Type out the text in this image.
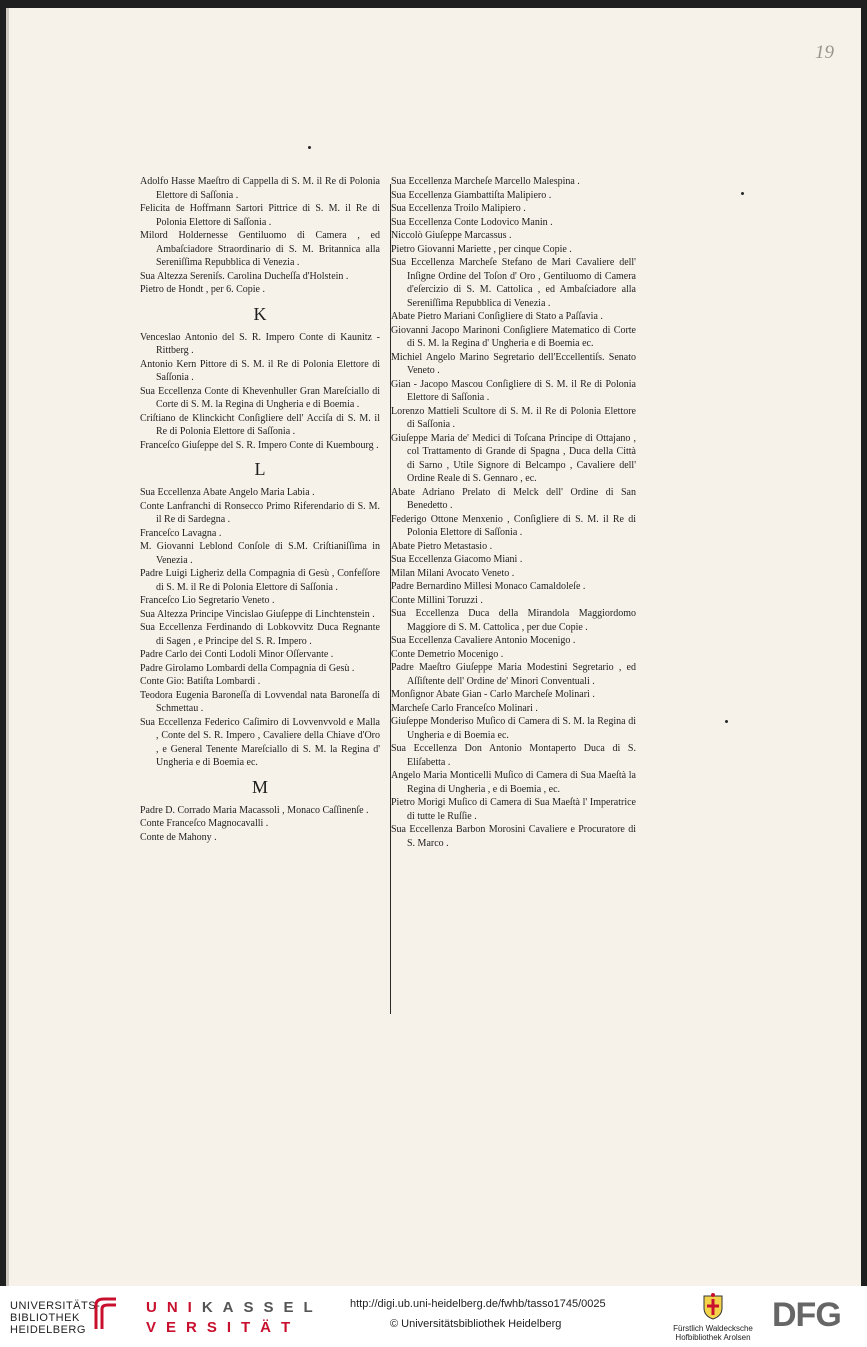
19
Adolfo Hasse Maeſtro di Cappella di S. M. il Re di Polonia Elettore di Saſſonia .
Felicita de Hoffmann Sartori Pittrice di S. M. il Re di Polonia Elettore di Saſſonia .
Milord Holdernesse Gentiluomo di Camera , ed Ambaſciadore Straordinario di S. M. Britannica alla Sereniſſima Repubblica di Venezia .
Sua Altezza Sereniſs. Carolina Ducheſſa d'Holstein .
Pietro de Hondt , per 6. Copie .
K
Venceslao Antonio del S. R. Impero Conte di Kaunitz - Rittberg .
Antonio Kern Pittore di S. M. il Re di Polonia Elettore di Saſſonia .
Sua Eccellenza Conte di Khevenhuller Gran Mareſciallo di Corte di S. M. la Regina di Ungheria e di Boemia .
Criſtiano de Klinckicht Conſigliere dell' Acciſa di S. M. il Re di Polonia Elettore di Saſſonia .
Franceſco Giuſeppe del S. R. Impero Conte di Kuembourg .
L
Sua Eccellenza Abate Angelo Maria Labia .
Conte Lanfranchi di Ronsecco Primo Riferendario di S. M. il Re di Sardegna .
Franceſco Lavagna .
M. Giovanni Leblond Conſole di S.M. Criſtianiſſima in Venezia .
Padre Luigi Ligheriz della Compagnia di Gesù , Confeſſore di S. M. il Re di Polonia Elettore di Saſſonia .
Franceſco Lio Segretario Veneto .
Sua Altezza Principe Vincislao Giuſeppe di Linchtenstein .
Sua Eccellenza Ferdinando di Lobkovvitz Duca Regnante di Sagen , e Principe del S. R. Impero .
Padre Carlo dei Conti Lodoli Minor Oſſervante .
Padre Girolamo Lombardi della Compagnia di Gesù .
Conte Gio: Batiſta Lombardi .
Teodora Eugenia Baroneſſa di Lovvendal nata Baroneſſa di Schmettau .
Sua Eccellenza Federico Caſimiro di Lovvenvvold e Malla , Conte del S. R. Impero , Cavaliere della Chiave d'Oro , e General Tenente Mareſciallo di S. M. la Regina d' Ungheria e di Boemia ec.
M
Padre D. Corrado Maria Macassoli , Monaco Caſſinenſe .
Conte Franceſco Magnocavalli .
Conte de Mahony .
Sua Eccellenza Marcheſe Marcello Malespina .
Sua Eccellenza Giambattiſta Malipiero .
Sua Eccellenza Troilo Malipiero .
Sua Eccellenza Conte Lodovico Manin .
Niccolò Giuſeppe Marcassus .
Pietro Giovanni Mariette , per cinque Copie .
Sua Eccellenza Marcheſe Stefano de Mari Cavaliere dell' Inſigne Ordine del Toſon d' Oro , Gentiluomo di Camera d'eſercizio di S. M. Cattolica , ed Ambaſciadore alla Sereniſſima Repubblica di Venezia .
Abate Pietro Mariani Conſigliere di Stato a Paſſavia .
Giovanni Jacopo Marinoni Conſigliere Matematico di Corte di S. M. la Regina d' Ungheria e di Boemia ec.
Michiel Angelo Marino Segretario dell'Eccellentiſs. Senato Veneto .
Gian - Jacopo Mascou Conſigliere di S. M. il Re di Polonia Elettore di Saſſonia .
Lorenzo Mattieli Scultore di S. M. il Re di Polonia Elettore di Saſſonia .
Giuſeppe Maria de' Medici di Toſcana Principe di Ottajano , col Trattamento di Grande di Spagna , Duca della Città di Sarno , Utile Signore di Belcampo , Cavaliere dell' Ordine Reale di S. Gennaro , ec.
Abate Adriano Prelato di Melck dell' Ordine di San Benedetto .
Federigo Ottone Menxenio , Conſigliere di S. M. il Re di Polonia Elettore di Saſſonia .
Abate Pietro Metastasio .
Sua Eccellenza Giacomo Miani .
Milan Milani Avocato Veneto .
Padre Bernardino Millesi Monaco Camaldoleſe .
Conte Millini Toruzzi .
Sua Eccellenza Duca della Mirandola Maggiordomo Maggiore di S. M. Cattolica , per due Copie .
Sua Eccellenza Cavaliere Antonio Mocenigo .
Conte Demetrio Mocenigo .
Padre Maeſtro Giuſeppe Maria Modestini Segretario , ed Aſſiſtente dell' Ordine de' Minori Conventuali .
Monſignor Abate Gian - Carlo Marcheſe Molinari .
Marcheſe Carlo Franceſco Molinari .
Giuſeppe Monderiso Muſico di Camera di S. M. la Regina di Ungheria e di Boemia ec.
Sua Eccellenza Don Antonio Montaperto Duca di S. Eliſabetta .
Angelo Maria Monticelli Muſico di Camera di Sua Maeſtà la Regina di Ungheria , e di Boemia , ec.
Pietro Morigi Muſico di Camera di Sua Maeſtà l' Imperatrice di tutte le Ruſſie .
Sua Eccellenza Barbon Morosini Cavaliere e Procuratore di S. Marco .
UNIVERSITÄTS-
BIBLIOTHEK
HEIDELBERG
UNIKASSEL
VERSITÄT
http://digi.ub.uni-heidelberg.de/fwhb/tasso1745/0025
© Universitätsbibliothek Heidelberg	Fürstlich Waldecksche
Hofbibliothek Arolsen
DFG
